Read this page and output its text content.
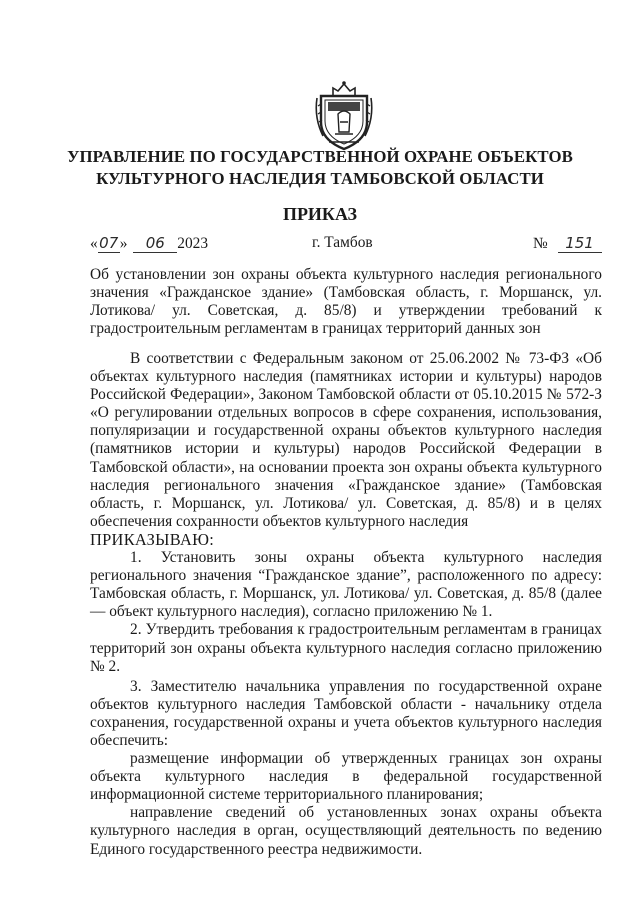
УПРАВЛЕНИЕ ПО ГОСУДАРСТВЕННОЙ ОХРАНЕ ОБЪЕКТОВ
КУЛЬТУРНОГО НАСЛЕДИЯ ТАМБОВСКОЙ ОБЛАСТИ
ПРИКАЗ
«07» 06 2023	г. Тамбов	№ 151
Об установлении зон охраны объекта культурного наследия регионального значения «Гражданское здание» (Тамбовская область, г. Моршанск, ул. Лотикова/ ул. Советская, д. 85/8) и утверждении требований к градостроительным регламентам в границах территорий данных зон
В соответствии с Федеральным законом от 25.06.2002 № 73-ФЗ «Об объектах культурного наследия (памятниках истории и культуры) народов Российской Федерации», Законом Тамбовской области от 05.10.2015 № 572-З «О регулировании отдельных вопросов в сфере сохранения, использования, популяризации и государственной охраны объектов культурного наследия (памятников истории и культуры) народов Российской Федерации в Тамбовской области», на основании проекта зон охраны объекта культурного наследия регионального значения «Гражданское здание» (Тамбовская область, г. Моршанск, ул. Лотикова/ ул. Советская, д. 85/8) и в целях обеспечения сохранности объектов культурного наследия
ПРИКАЗЫВАЮ:
1. Установить зоны охраны объекта культурного наследия регионального значения “Гражданское здание”, расположенного по адресу: Тамбовская область, г. Моршанск, ул. Лотикова/ ул. Советская, д. 85/8 (далее — объект культурного наследия), согласно приложению № 1.
2. Утвердить требования к градостроительным регламентам в границах территорий зон охраны объекта культурного наследия согласно приложению № 2.
3. Заместителю начальника управления по государственной охране объектов культурного наследия Тамбовской области - начальнику отдела сохранения, государственной охраны и учета объектов культурного наследия обеспечить:
размещение информации об утвержденных границах зон охраны объекта культурного наследия в федеральной государственной информационной системе территориального планирования;
направление сведений об установленных зонах охраны объекта культурного наследия в орган, осуществляющий деятельность по ведению Единого государственного реестра недвижимости.
